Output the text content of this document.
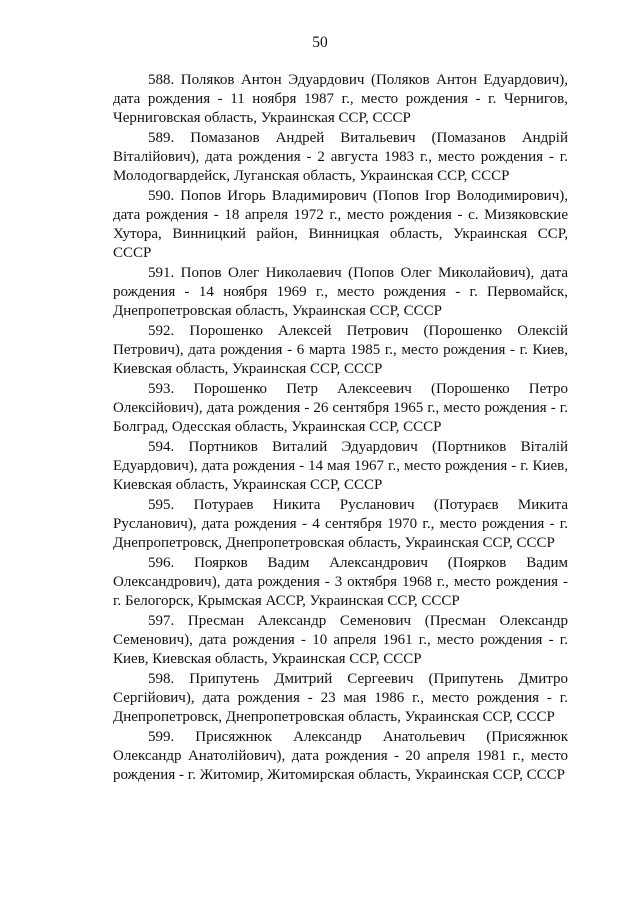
50

588. Поляков Антон Эдуардович (Поляков Антон Едуардович), дата рождения - 11 ноября 1987 г., место рождения - г. Чернигов, Черниговская область, Украинская ССР, СССР

589. Помазанов Андрей Витальевич (Помазанов Андрій Віталійович), дата рождения - 2 августа 1983 г., место рождения - г. Молодогвардейск, Луганская область, Украинская ССР, СССР

590. Попов Игорь Владимирович (Попов Ігор Володимирович), дата рождения - 18 апреля 1972 г., место рождения - с. Мизяковские Хутора, Винницкий район, Винницкая область, Украинская ССР, СССР

591. Попов Олег Николаевич (Попов Олег Миколайович), дата рождения - 14 ноября 1969 г., место рождения - г. Первомайск, Днепропетровская область, Украинская ССР, СССР

592. Порошенко Алексей Петрович (Порошенко Олексій Петрович), дата рождения - 6 марта 1985 г., место рождения - г. Киев, Киевская область, Украинская ССР, СССР

593. Порошенко Петр Алексеевич (Порошенко Петро Олексійович), дата рождения - 26 сентября 1965 г., место рождения - г. Болград, Одесская область, Украинская ССР, СССР

594. Портников Виталий Эдуардович (Портников Віталій Едуардович), дата рождения - 14 мая 1967 г., место рождения - г. Киев, Киевская область, Украинская ССР, СССР

595. Потураев Никита Русланович (Потураєв Микита Русланович), дата рождения - 4 сентября 1970 г., место рождения - г. Днепропетровск, Днепропетровская область, Украинская ССР, СССР

596. Поярков Вадим Александрович (Поярков Вадим Олександрович), дата рождения - 3 октября 1968 г., место рождения - г. Белогорск, Крымская АССР, Украинская ССР, СССР

597. Пресман Александр Семенович (Пресман Олександр Семенович), дата рождения - 10 апреля 1961 г., место рождения - г. Киев, Киевская область, Украинская ССР, СССР

598. Припутень Дмитрий Сергеевич (Припутень Дмитро Сергійович), дата рождения - 23 мая 1986 г., место рождения - г. Днепропетровск, Днепропетровская область, Украинская ССР, СССР

599. Присяжнюк Александр Анатольевич (Присяжнюк Олександр Анатолійович), дата рождения - 20 апреля 1981 г., место рождения - г. Житомир, Житомирская область, Украинская ССР, СССР
